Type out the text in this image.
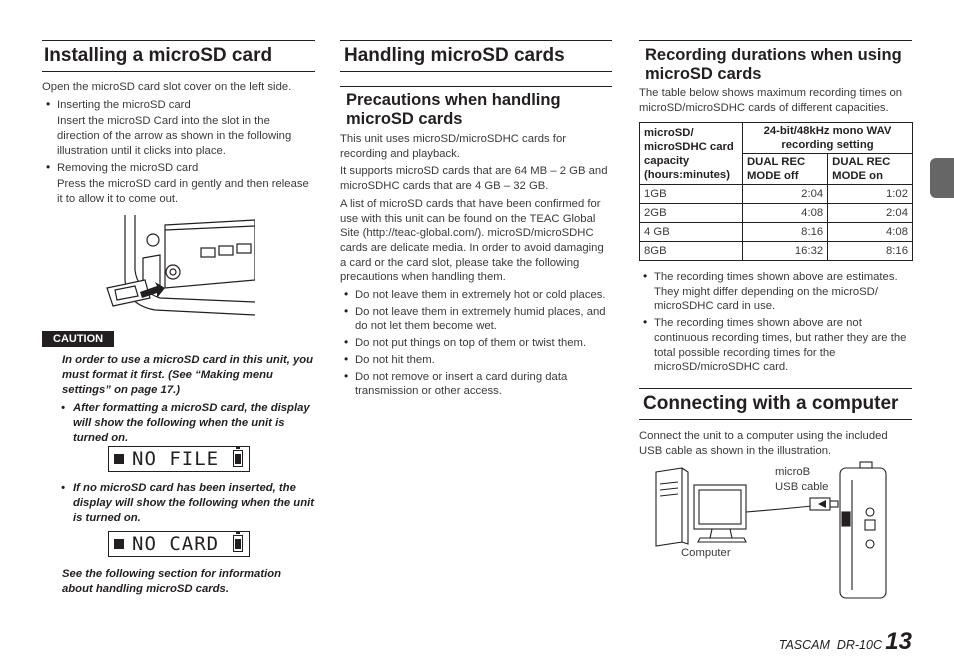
Installing a microSD card

Open the microSD card slot cover on the left side.

• Inserting the microSD card
Insert the microSD Card into the slot in the direction of the arrow as shown in the following illustration until it clicks into place.
• Removing the microSD card
Press the microSD card in gently and then release it to allow it to come out.
CAUTION
In order to use a microSD card in this unit, you must format it first. (See “Making menu settings” on page 17.)
• After formatting a microSD card, the display will show the following when the unit is turned on.
NO FILE
• If no microSD card has been inserted, the display will show the following when the unit is turned on.
NO CARD
See the following section for information about handling microSD cards.
Handling microSD cards
Precautions when handling microSD cards

This unit uses microSD/microSDHC cards for recording and playback.

It supports microSD cards that are 64 MB – 2 GB and microSDHC cards that are 4 GB – 32 GB.

A list of microSD cards that have been confirmed for use with this unit can be found on the TEAC Global Site (http://teac-global.com/). microSD/microSDHC cards are delicate media. In order to avoid damaging a card or the card slot, please take the following precautions when handling them.

• Do not leave them in extremely hot or cold places.
• Do not leave them in extremely humid places, and do not let them become wet.
• Do not put things on top of them or twist them.
• Do not hit them.
• Do not remove or insert a card during data transmission or other access.
Recording durations when using microSD cards

The table below shows maximum recording times on microSD/microSDHC cards of different capacities.

microSD/ microSDHC card capacity (hours:minutes)	24-bit/48kHz mono WAV recording setting	
	DUAL REC MODE off	DUAL REC MODE on
1GB	2:04	1:02
2GB	4:08	2:04
4 GB	8:16	4:08
8GB	16:32	8:16
• The recording times shown above are estimates. They might differ depending on the microSD/ microSDHC card in use.
• The recording times shown above are not continuous recording times, but rather they are the total possible recording times for the microSD/microSDHC card.
Connecting with a computer

Connect the unit to a computer using the included USB cable as shown in the illustration.

microB USB cable
Computer
TASCAM  DR-10C 13
